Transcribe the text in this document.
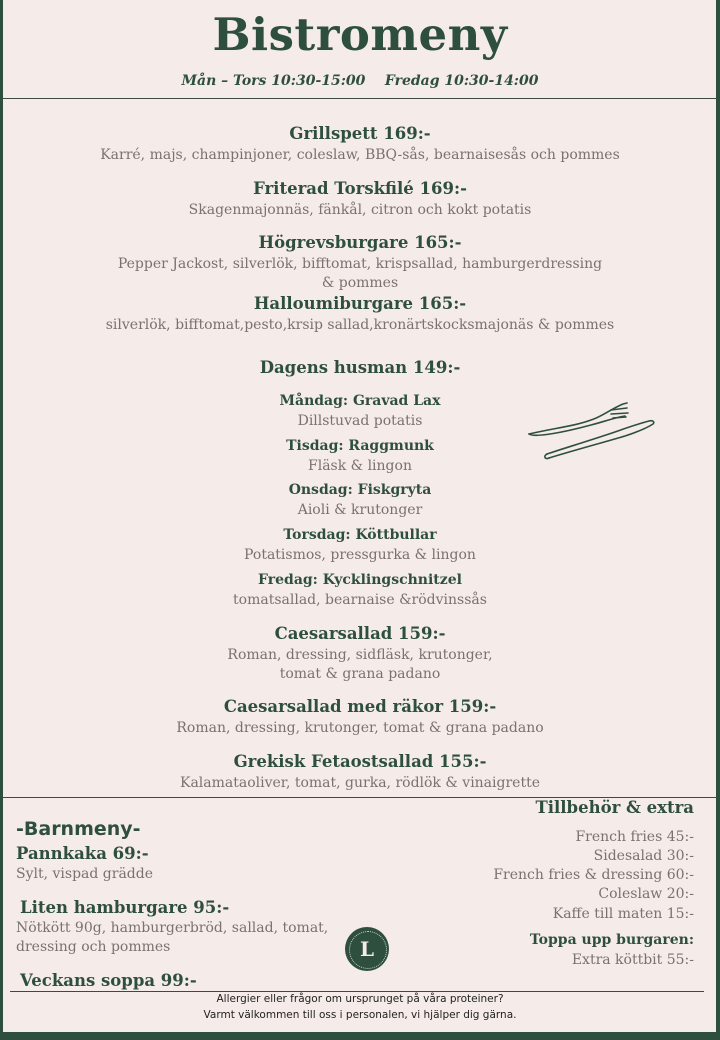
Bistromeny
Mån – Tors 10:30-15:00    Fredag 10:30-14:00
Grillspett 169:-
Karré, majs, champinjoner, coleslaw, BBQ-sås, bearnaisesås och pommes
Friterad Torskfilé 169:-
Skagenmajonnäs, fänkål, citron och kokt potatis
Högrevsburgare 165:-
Pepper Jackost, silverlök, bifftomat, krispsallad, hamburgerdressing
& pommes
Halloumiburgare 165:-
silverlök, bifftomat,pesto,krsip sallad,kronärtskocksmajonäs & pommes
Dagens husman 149:-
Måndag: Gravad Lax
Dillstuvad potatis
Tisdag: Raggmunk
Fläsk & lingon
Onsdag: Fiskgryta
Aioli & krutonger
Torsdag: Köttbullar
Potatismos, pressgurka & lingon
Fredag: Kycklingschnitzel
tomatsallad, bearnaise &rödvinssås
Caesarsallad 159:-
Roman, dressing, sidfläsk, krutonger,
tomat & grana padano
Caesarsallad med räkor 159:-
Roman, dressing, krutonger, tomat & grana padano
Grekisk Fetaostsallad 155:-
Kalamataoliver, tomat, gurka, rödlök & vinaigrette
-Barnmeny-
Pannkaka 69:-
Sylt, vispad grädde
Liten hamburgare 95:-
Nötkött 90g, hamburgerbröd, sallad, tomat,
dressing och pommes
Veckans soppa 99:-
L
Tillbehör & extra
French fries 45:-
Sidesalad 30:-
French fries & dressing 60:-
Coleslaw 20:-
Kaffe till maten 15:-
Toppa upp burgaren:
Extra köttbit 55:-
Allergier eller frågor om ursprunget på våra proteiner?
Varmt välkommen till oss i personalen, vi hjälper dig gärna.
